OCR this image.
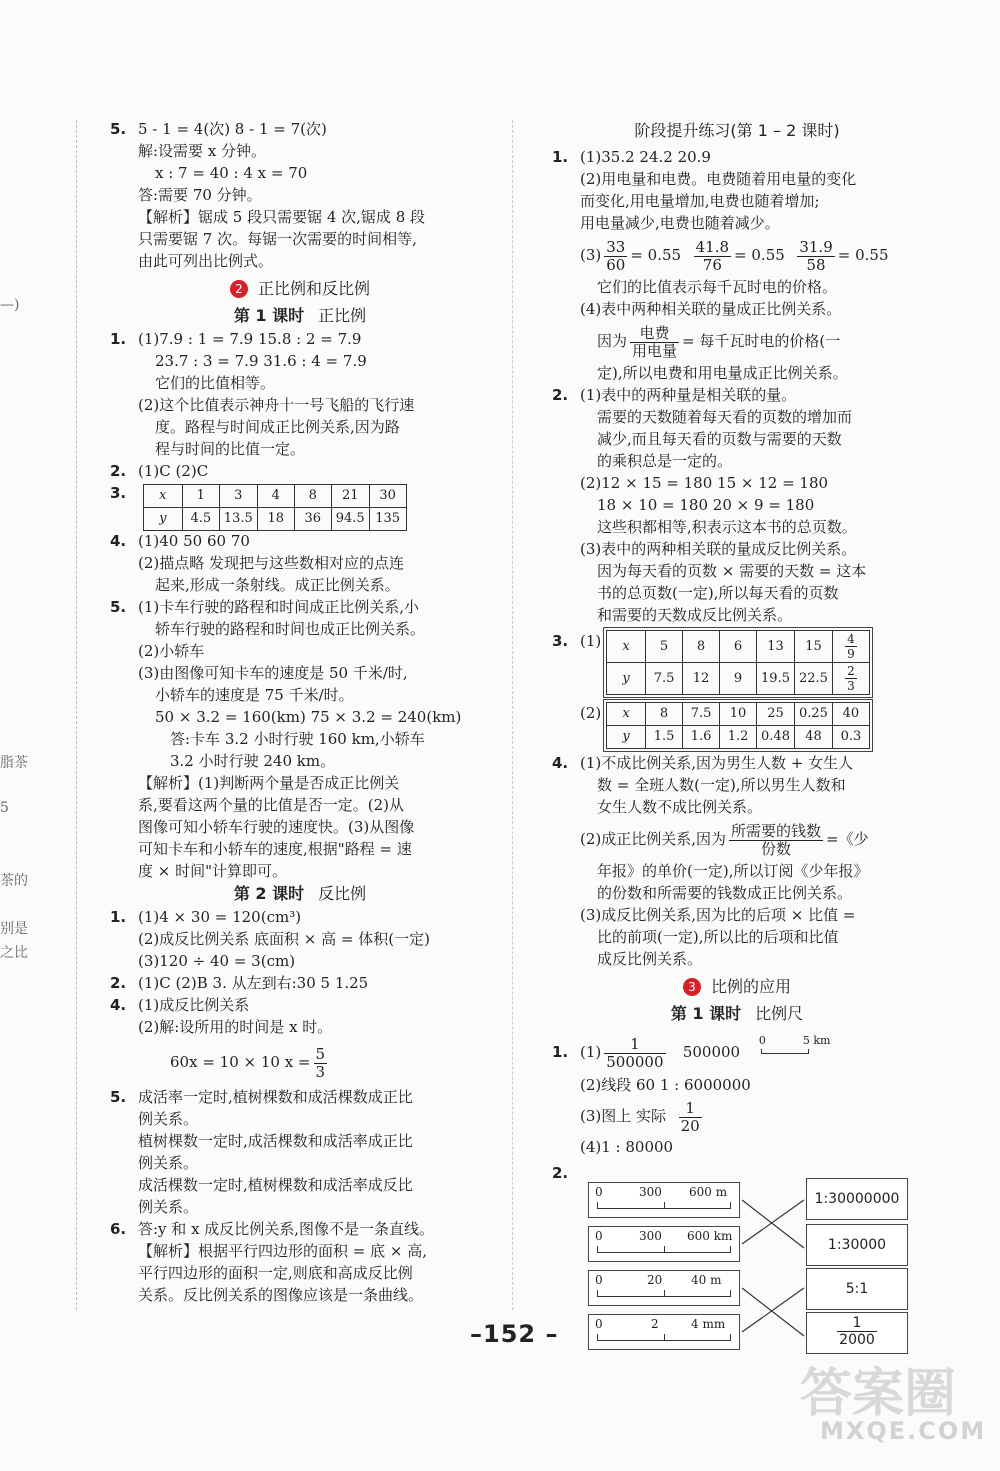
—)
脂茶
5
茶的
别是
之比

5. 5 - 1 = 4(次) 8 - 1 = 7(次)

解:设需要 x 分钟。

x : 7 = 40 : 4 x = 70

答:需要 70 分钟。

【解析】锯成 5 段只需要锯 4 次,锯成 8 段

只需要锯 7 次。每锯一次需要的时间相等,

由此可列出比例式。

2 正比例和反比例
第 1 课时 正比例

1. (1)7.9 : 1 = 7.9 15.8 : 2 = 7.9

23.7 : 3 = 7.9 31.6 : 4 = 7.9

它们的比值相等。

(2)这个比值表示神舟十一号飞船的飞行速

度。路程与时间成正比例关系,因为路

程与时间的比值一定。

2. (1)C (2)C

3.	x	1	3	4	8	21	30
y	4.5	13.5	18	36	94.5	135

4. (1)40 50 60 70

(2)描点略 发现把与这些数相对应的点连

起来,形成一条射线。成正比例关系。

5. (1)卡车行驶的路程和时间成正比例关系,小

轿车行驶的路程和时间也成正比例关系。

(2)小轿车

(3)由图像可知卡车的速度是 50 千米/时,

小轿车的速度是 75 千米/时。

50 × 3.2 = 160(km) 75 × 3.2 = 240(km)

答:卡车 3.2 小时行驶 160 km,小轿车

3.2 小时行驶 240 km。

【解析】(1)判断两个量是否成正比例关

系,要看这两个量的比值是否一定。(2)从

图像可知小轿车行驶的速度快。(3)从图像

可知卡车和小轿车的速度,根据"路程 = 速

度 × 时间"计算即可。

第 2 课时 反比例

1. (1)4 × 30 = 120(cm³)

(2)成反比例关系 底面积 × 高 = 体积(一定)

(3)120 ÷ 40 = 3(cm)

2. (1)C (2)B 3. 从左到右:30 5 1.25

4. (1)成反比例关系

(2)解:设所用的时间是 x 时。

60x = 10 × 10 $x = \frac{5}{3}$

5. 成活率一定时,植树棵数和成活棵数成正比

例关系。

植树棵数一定时,成活棵数和成活率成正比

例关系。

成活棵数一定时,植树棵数和成活率成反比

例关系。

6. 答:y 和 x 成反比例关系,图像不是一条直线。

【解析】根据平行四边形的面积 = 底 × 高,

平行四边形的面积一定,则底和高成反比例

关系。反比例关系的图像应该是一条曲线。

阶段提升练习(第 1 – 2 课时)

1. (1)35.2 24.2 20.9

(2)用电量和电费。电费随着用电量的变化

而变化,用电量增加,电费也随着增加;

用电量减少,电费也随着减少。

$(3) \frac{33}{60} = 0.55 \frac{41.8}{76} = 0.55 \frac{31.9}{58} = 0.55$

它们的比值表示每千瓦时电的价格。

(4)表中两种相关联的量成正比例关系。

因为 $\frac{\text{电费}}{\text{用电量}}$ = 每千瓦时电的价格(一

定),所以电费和用电量成正比例关系。

2. (1)表中的两种量是相关联的量。

需要的天数随着每天看的页数的增加而

减少,而且每天看的页数与需要的天数

的乘积总是一定的。

(2)12 × 15 = 180 15 × 12 = 180

18 × 10 = 180 20 × 9 = 180

这些积都相等,积表示这本书的总页数。

(3)表中的两种相关联的量成反比例关系。

因为每天看的页数 × 需要的天数 = 这本

书的总页数(一定),所以每天看的页数

和需要的天数成反比例关系。

3. (1) x	5	8	6	13	15	$\frac{4}{9}$

y	7.5	12	9	19.5	22.5	$\frac{2}{3}$
(2) x	8	7.5	10	25	0.25	40
y	1.5	1.6	1.2	0.48	48	0.3

4. (1)不成比例关系,因为男生人数 + 女生人

数 = 全班人数(一定),所以男生人数和

女生人数不成比例关系。

(2)成正比例关系,因为 $\frac{\text{所需要的钱数}}{\text{份数}}$ =《少

年报》的单价(一定),所以订阅《少年报》

的份数和所需要的钱数成正比例关系。

(3)成反比例关系,因为比的后项 × 比值 =

比的前项(一定),所以比的后项和比值

成反比例关系。

3 比例的应用
第 1 课时 比例尺

1. $(1) \frac{1}{500000} 500000$
0	5 km

(2)线段 60 1 : 6000000

(3)图上 实际 $\frac{1}{20}$

(4)1 : 80000

2.
0	300 600 m
0	300 600 km
0	20 40 m
0	2	4 mm
1:30000000
1:30000
5:1
$\frac{1}{2000}$
–152 –
答案圈
MXQE.COM
